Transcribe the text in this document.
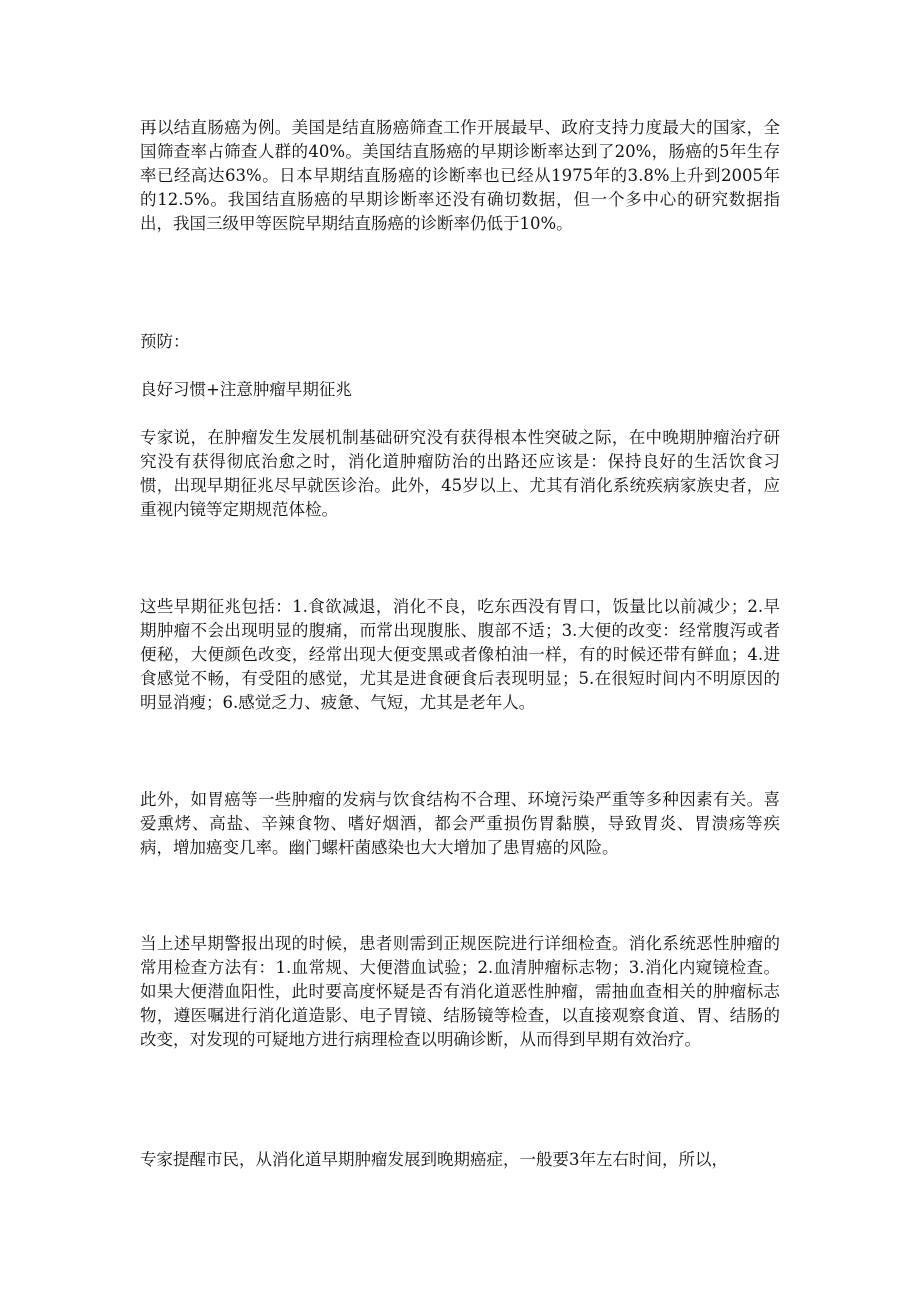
再以结直肠癌为例。美国是结直肠癌筛查工作开展最早、政府支持力度最大的国家，全国筛查率占筛查人群的40%。美国结直肠癌的早期诊断率达到了20%，肠癌的5年生存率已经高达63%。日本早期结直肠癌的诊断率也已经从1975年的3.8%上升到2005年的12.5%。我国结直肠癌的早期诊断率还没有确切数据，但一个多中心的研究数据指出，我国三级甲等医院早期结直肠癌的诊断率仍低于10%。

预防：

良好习惯+注意肿瘤早期征兆

专家说，在肿瘤发生发展机制基础研究没有获得根本性突破之际，在中晚期肿瘤治疗研究没有获得彻底治愈之时，消化道肿瘤防治的出路还应该是：保持良好的生活饮食习惯，出现早期征兆尽早就医诊治。此外，45岁以上、尤其有消化系统疾病家族史者，应重视内镜等定期规范体检。

这些早期征兆包括：1.食欲减退，消化不良，吃东西没有胃口，饭量比以前减少；2.早期肿瘤不会出现明显的腹痛，而常出现腹胀、腹部不适；3.大便的改变：经常腹泻或者便秘，大便颜色改变，经常出现大便变黑或者像柏油一样，有的时候还带有鲜血；4.进食感觉不畅，有受阻的感觉，尤其是进食硬食后表现明显；5.在很短时间内不明原因的明显消瘦；6.感觉乏力、疲惫、气短，尤其是老年人。

此外，如胃癌等一些肿瘤的发病与饮食结构不合理、环境污染严重等多种因素有关。喜爱熏烤、高盐、辛辣食物、嗜好烟酒，都会严重损伤胃黏膜，导致胃炎、胃溃疡等疾病，增加癌变几率。幽门螺杆菌感染也大大增加了患胃癌的风险。

当上述早期警报出现的时候，患者则需到正规医院进行详细检查。消化系统恶性肿瘤的常用检查方法有：1.血常规、大便潜血试验；2.血清肿瘤标志物；3.消化内窥镜检查。如果大便潜血阳性，此时要高度怀疑是否有消化道恶性肿瘤，需抽血查相关的肿瘤标志物，遵医嘱进行消化道造影、电子胃镜、结肠镜等检查，以直接观察食道、胃、结肠的改变，对发现的可疑地方进行病理检查以明确诊断，从而得到早期有效治疗。

专家提醒市民，从消化道早期肿瘤发展到晚期癌症，一般要3年左右时间，所以，
